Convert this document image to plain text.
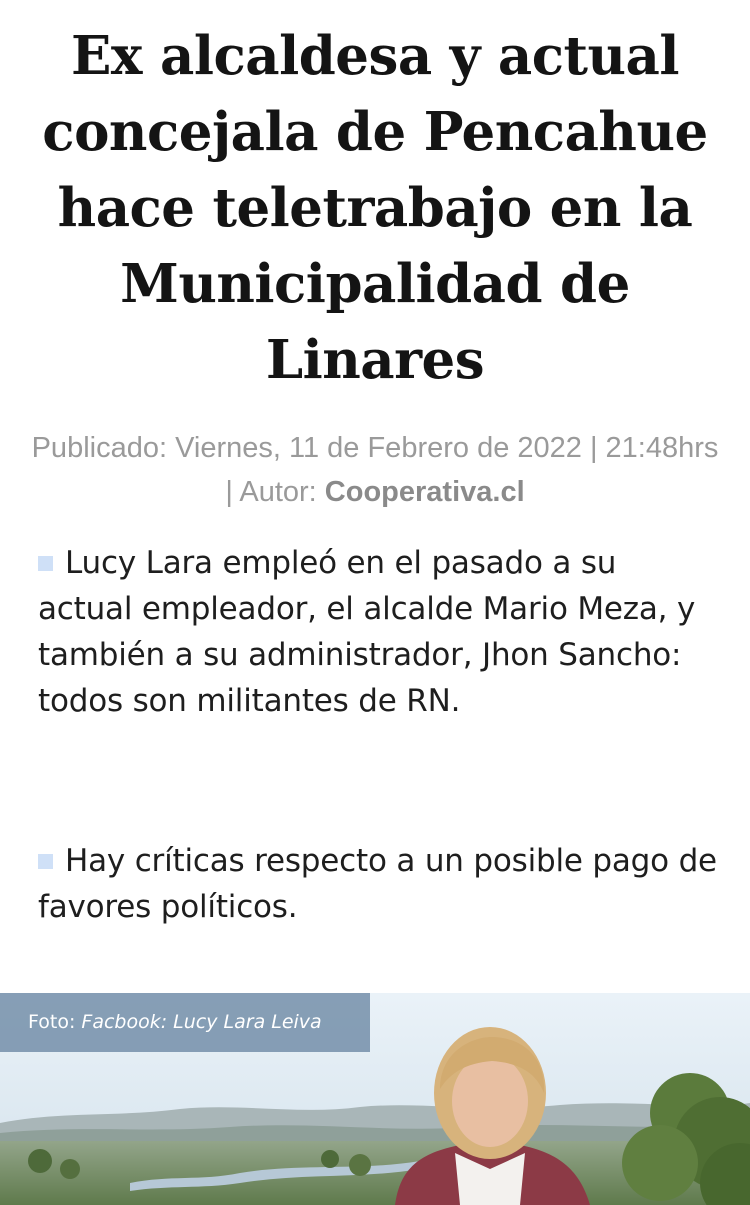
Ex alcaldesa y actual concejala de Pencahue hace teletrabajo en la Municipalidad de Linares
Publicado: Viernes, 11 de Febrero de 2022 | 21:48hrs | Autor: Cooperativa.cl
Lucy Lara empleó en el pasado a su actual empleador, el alcalde Mario Meza, y también a su administrador, Jhon Sancho: todos son militantes de RN.
Hay críticas respecto a un posible pago de favores políticos.
Foto: Facbook: Lucy Lara Leiva
